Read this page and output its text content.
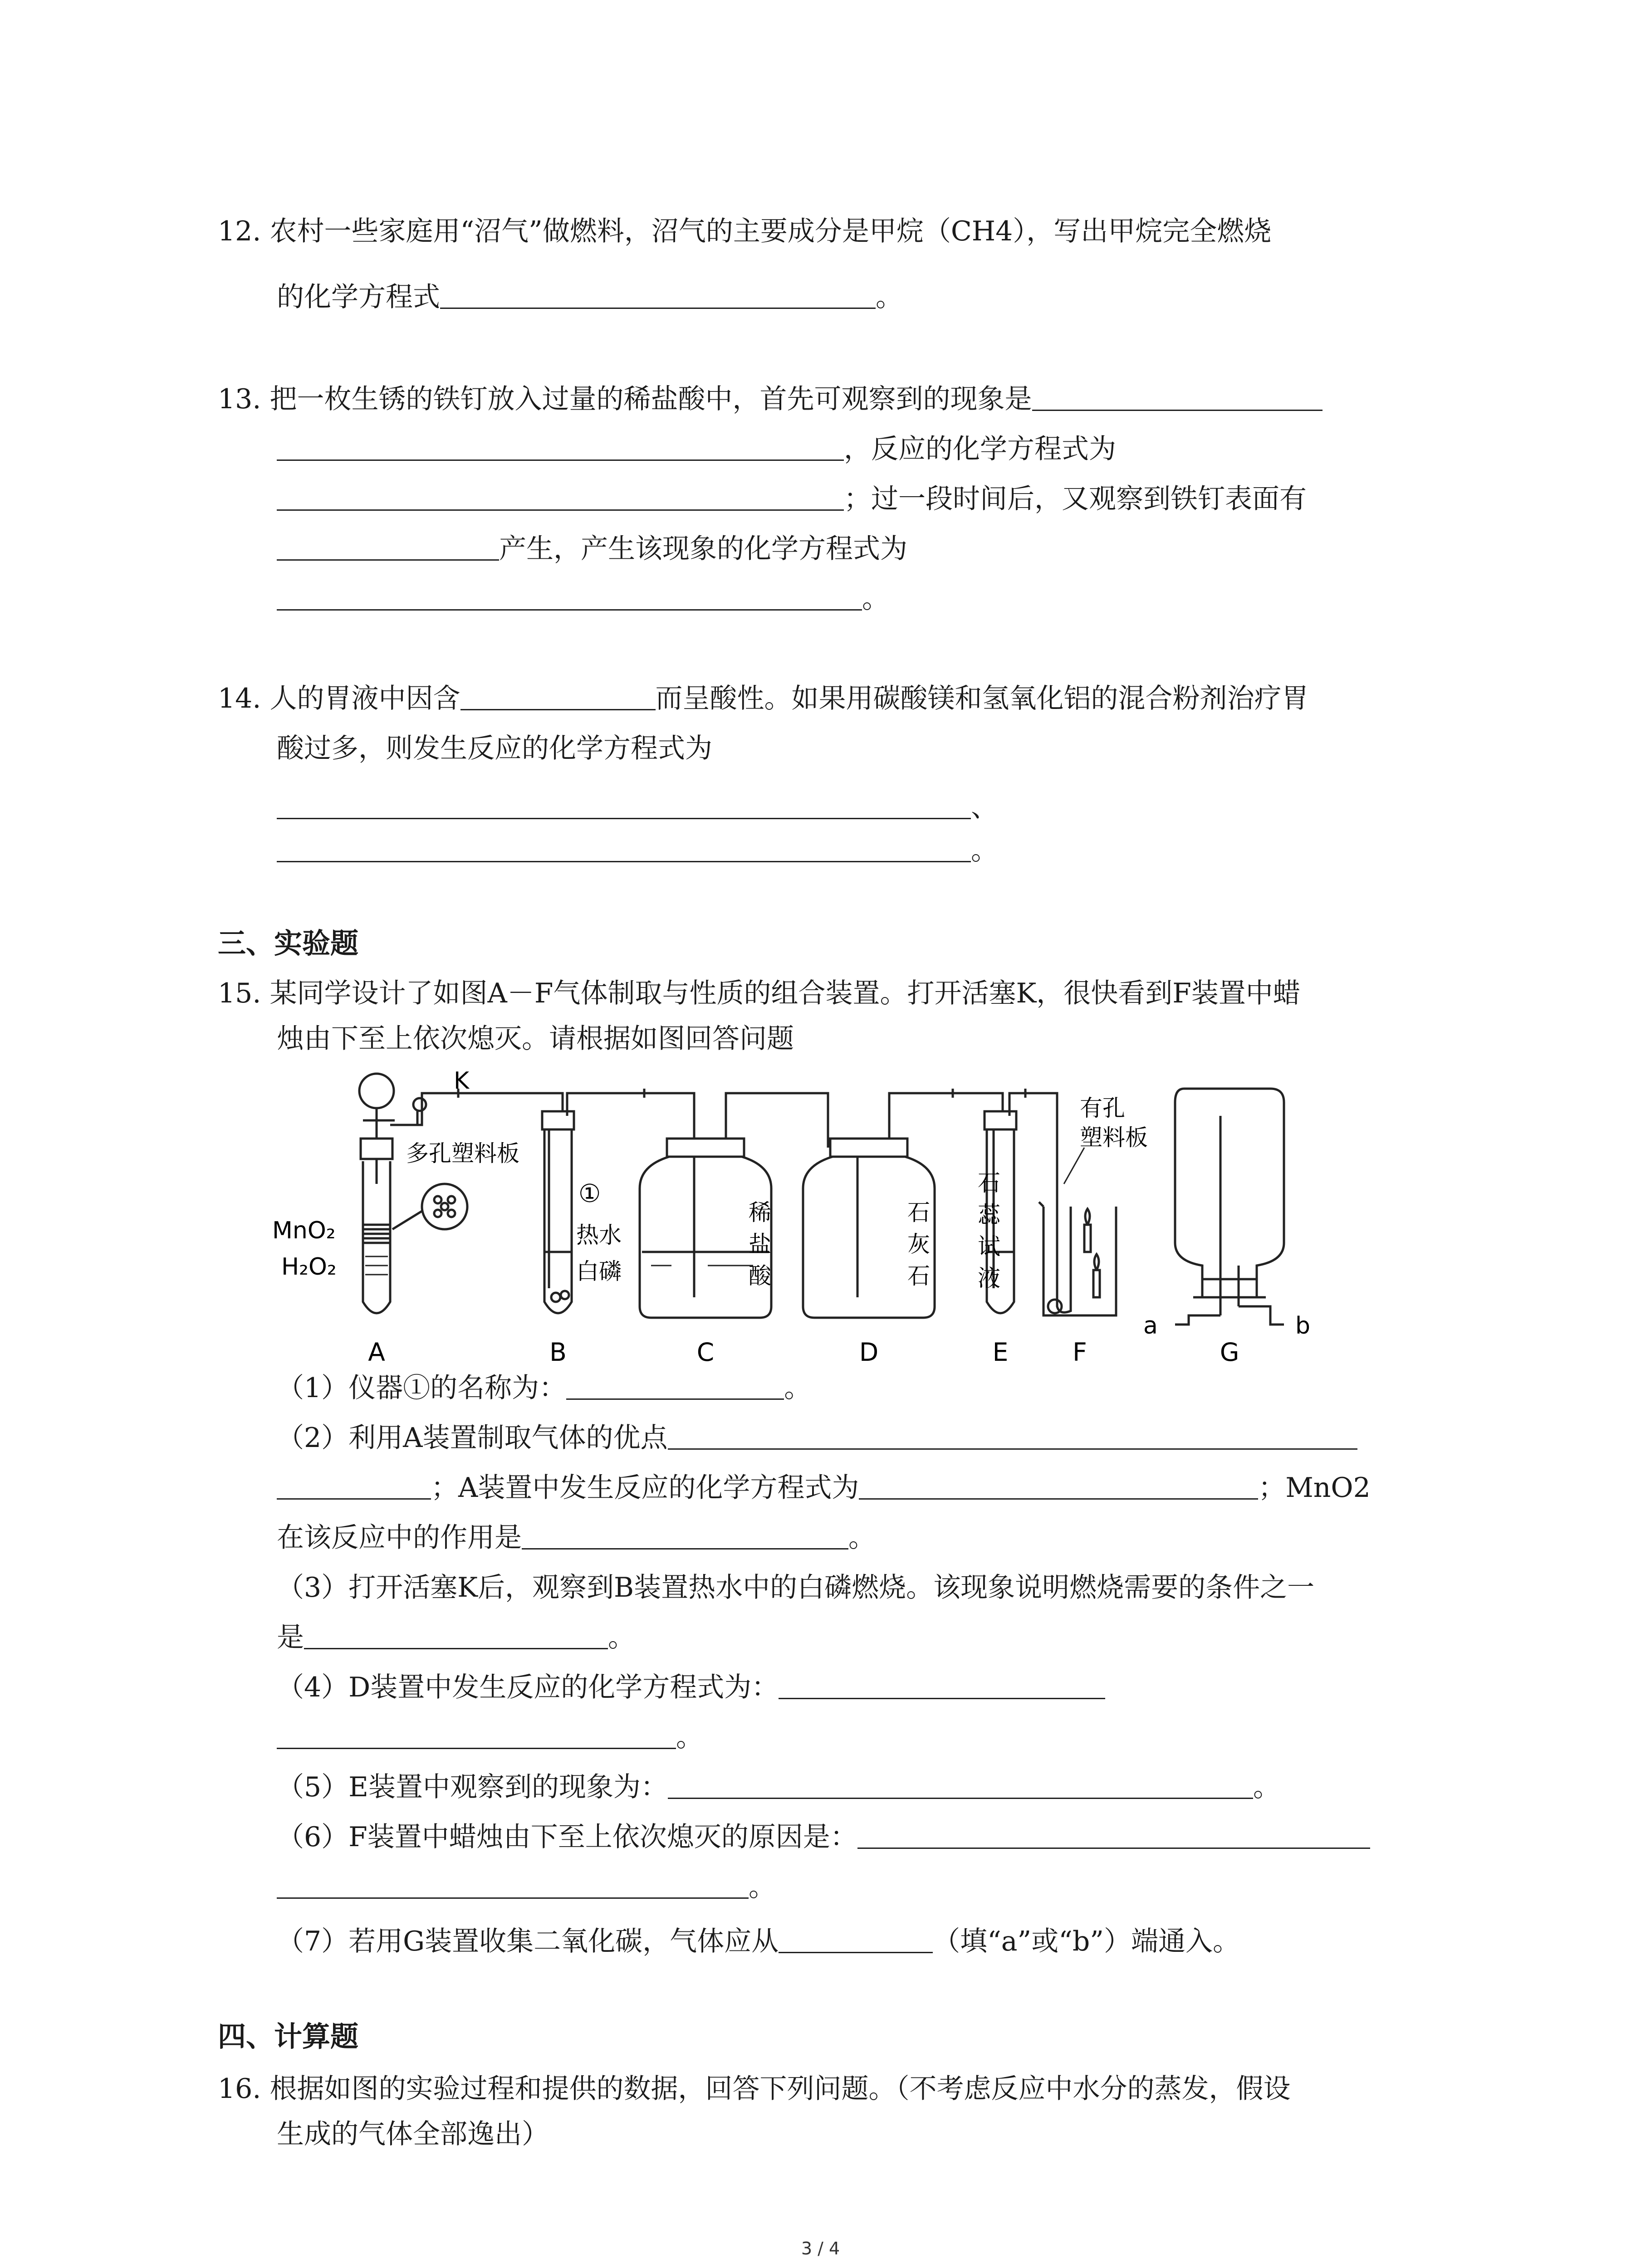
12. 农村一些家庭用“沼气”做燃料，沼气的主要成分是甲烷（CH4），写出甲烷完全燃烧
的化学方程式	。
13. 把一枚生锈的铁钉放入过量的稀盐酸中，首先可观察到的现象是
，反应的化学方程式为
；过一段时间后，又观察到铁钉表面有
产生，产生该现象的化学方程式为
。
14. 人的胃液中因含	而呈酸性。如果用碳酸镁和氢氧化铝的混合粉剂治疗胃
酸过多，则发生反应的化学方程式为
、
。
三、实验题
15. 某同学设计了如图A－F气体制取与性质的组合装置。打开活塞K，很快看到F装置中蜡
烛由下至上依次熄灭。请根据如图回答问题
K
多孔塑料板
MnO₂
H₂O₂
①
热水
白磷
稀
盐
酸
石
灰
石
石
蕊
试
液
有孔
塑料板
a	b
A	B	C	D	E	F	G
（1）仪器①的名称为：	。
（2）利用A装置制取气体的优点
；A装置中发生反应的化学方程式为	；MnO2
在该反应中的作用是	。
（3）打开活塞K后，观察到B装置热水中的白磷燃烧。该现象说明燃烧需要的条件之一
是	。
（4）D装置中发生反应的化学方程式为：
。
（5）E装置中观察到的现象为：	。
（6）F装置中蜡烛由下至上依次熄灭的原因是：
。
（7）若用G装置收集二氧化碳，气体应从	（填“a”或“b”）端通入。
四、计算题
16. 根据如图的实验过程和提供的数据，回答下列问题。（不考虑反应中水分的蒸发，假设
生成的气体全部逸出）
3 / 4
